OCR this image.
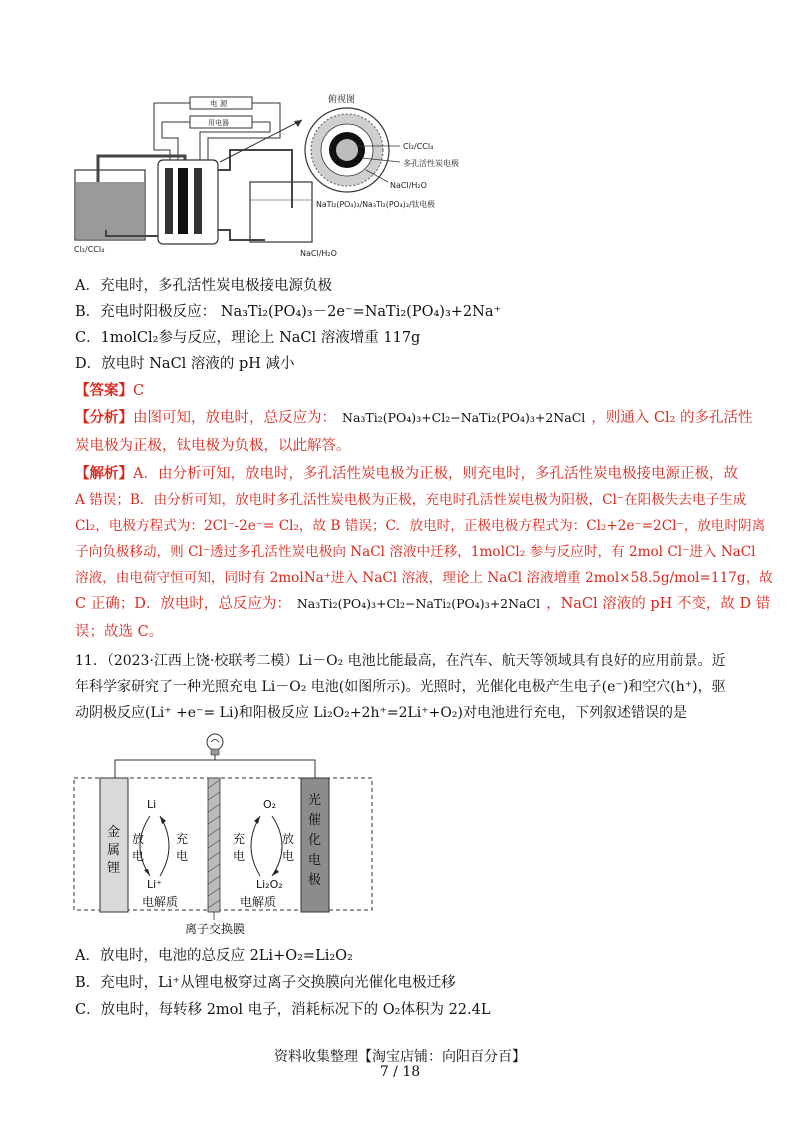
电 源
用电器
Cl₂/CCl₄	NaCl/H₂O
俯视图
Cl₂/CCl₄
多孔活性炭电极
NaCl/H₂O
NaTi₂(PO₄)₃/Na₃Ti₂(PO₄)₂/钛电极
A．充电时，多孔活性炭电极接电源负极
B．充电时阳极反应： Na₃Ti₂(PO₄)₃－2e⁻=NaTi₂(PO₄)₃+2Na⁺
C．1molCl₂参与反应，理论上 NaCl 溶液增重 117g
D．放电时 NaCl 溶液的 pH 减小
【答案】C
【分析】由图可知，放电时，总反应为： Na₃Ti₂(PO₄)₃+Cl₂−NaTi₂(PO₄)₃+2NaCl ，则通入 Cl₂ 的多孔活性
炭电极为正极，钛电极为负极，以此解答。
【解析】A．由分析可知，放电时，多孔活性炭电极为正极，则充电时，多孔活性炭电极接电源正极，故
A 错误；B．由分析可知，放电时多孔活性炭电极为正极，充电时孔活性炭电极为阳极，Cl⁻在阳极失去电子生成
Cl₂，电极方程式为：2Cl⁻-2e⁻= Cl₂，故 B 错误；C．放电时，正极电极方程式为：Cl₂+2e⁻=2Cl⁻，放电时阴离
子向负极移动，则 Cl⁻透过多孔活性炭电极向 NaCl 溶液中迁移，1molCl₂ 参与反应时，有 2mol Cl⁻进入 NaCl
溶液，由电荷守恒可知，同时有 2molNa⁺进入 NaCl 溶液，理论上 NaCl 溶液增重 2mol×58.5g/mol=117g，故
C 正确；D．放电时，总反应为： Na₃Ti₂(PO₄)₃+Cl₂−NaTi₂(PO₄)₃+2NaCl ，NaCl 溶液的 pH 不变，故 D 错
误；故选 C。
11．（2023·江西上饶·校联考二模）Li－O₂ 电池比能最高，在汽车、航天等领域具有良好的应用前景。近
年科学家研究了一种光照充电 Li－O₂ 电池(如图所示)。光照时，光催化电极产生电子(e⁻)和空穴(h⁺)，驱
动阴极反应(Li⁺ +e⁻= Li)和阳极反应 Li₂O₂+2h⁺=2Li⁺+O₂)对电池进行充电，下列叙述错误的是
金
属
锂
光
催
化
电
极
Li
Li⁺
放
电
充
电
O₂
Li₂O₂
充
电
放
电
电解质	电解质
离子交换膜
A．放电时，电池的总反应 2Li+O₂=Li₂O₂
B．充电时，Li⁺从锂电极穿过离子交换膜向光催化电极迁移
C．放电时，每转移 2mol 电子，消耗标况下的 O₂体积为 22.4L
资料收集整理【淘宝店铺：向阳百分百】
7 / 18
